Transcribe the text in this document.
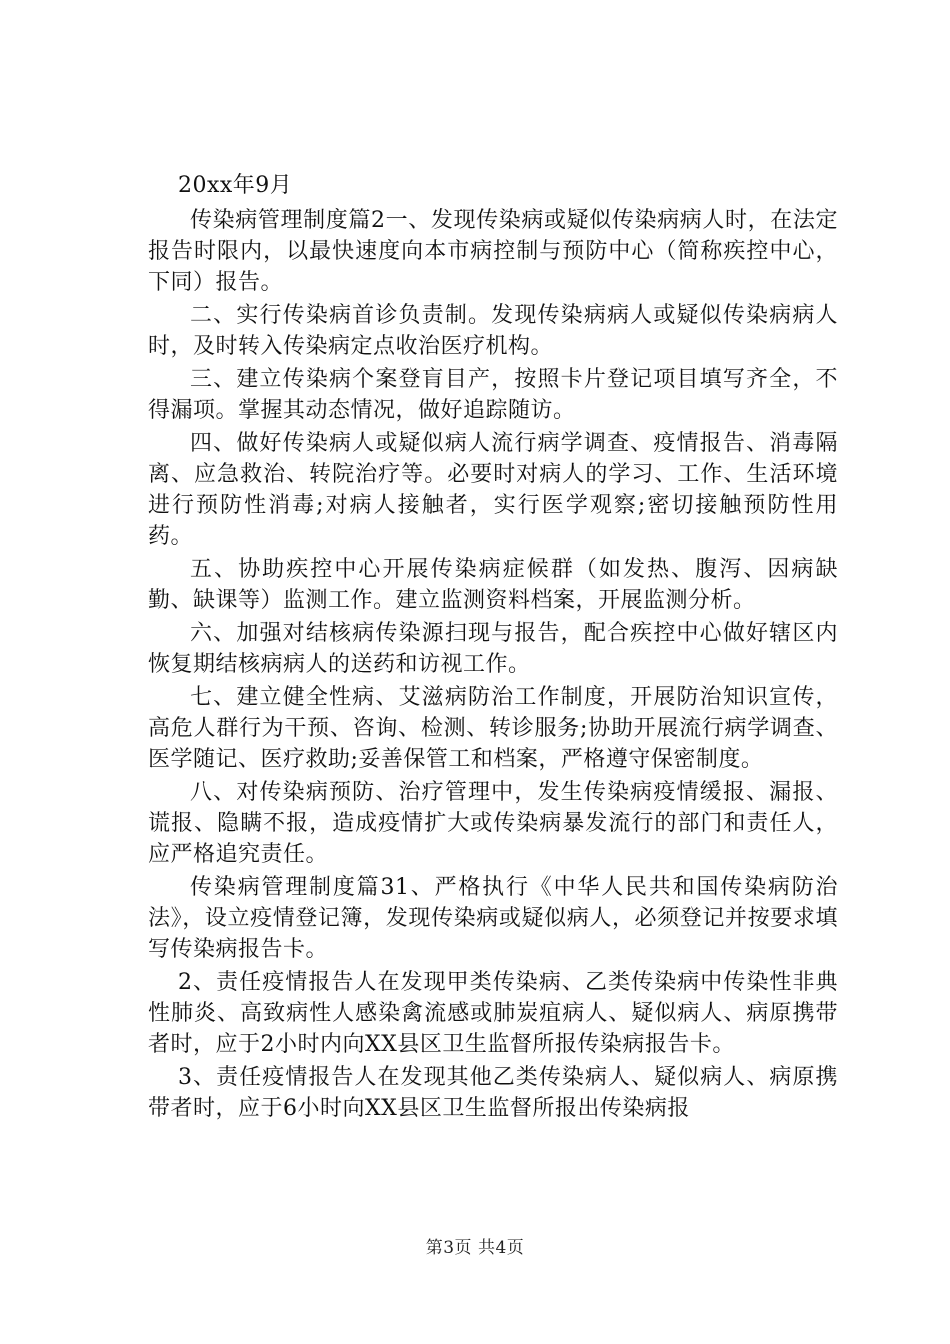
20xx年9月

传染病管理制度篇2一、发现传染病或疑似传染病病人时，在法定报告时限内，以最快速度向本市病控制与预防中心（简称疾控中心，下同）报告。

二、实行传染病首诊负责制。发现传染病病人或疑似传染病病人时，及时转入传染病定点收治医疗机构。

三、建立传染病个案登肓目产，按照卡片登记项目填写齐全，不得漏项。掌握其动态情况，做好追踪随访。

四、做好传染病人或疑似病人流行病学调查、疫情报告、消毒隔离、应急救治、转院治疗等。必要时对病人的学习、工作、生活环境进行预防性消毒;对病人接触者，实行医学观察;密切接触预防性用药。

五、协助疾控中心开展传染病症候群（如发热、腹泻、因病缺勤、缺课等）监测工作。建立监测资料档案，开展监测分析。

六、加强对结核病传染源扫现与报告，配合疾控中心做好辖区内恢复期结核病病人的送药和访视工作。

七、建立健全性病、艾滋病防治工作制度，开展防治知识宣传，高危人群行为干预、咨询、检测、转诊服务;协助开展流行病学调查、医学随记、医疗救助;妥善保管工和档案，严格遵守保密制度。

八、对传染病预防、治疗管理中，发生传染病疫情缓报、漏报、谎报、隐瞒不报，造成疫情扩大或传染病暴发流行的部门和责任人，应严格追究责任。

传染病管理制度篇31、严格执行《中华人民共和国传染病防治法》，设立疫情登记簿，发现传染病或疑似病人，必须登记并按要求填写传染病报告卡。

2、责任疫情报告人在发现甲类传染病、乙类传染病中传染性非典性肺炎、高致病性人感染禽流感或肺炭疽病人、疑似病人、病原携带者时，应于2小时内向XX县区卫生监督所报传染病报告卡。

3、责任疫情报告人在发现其他乙类传染病人、疑似病人、病原携带者时，应于6小时向XX县区卫生监督所报出传染病报

第3页 共4页
